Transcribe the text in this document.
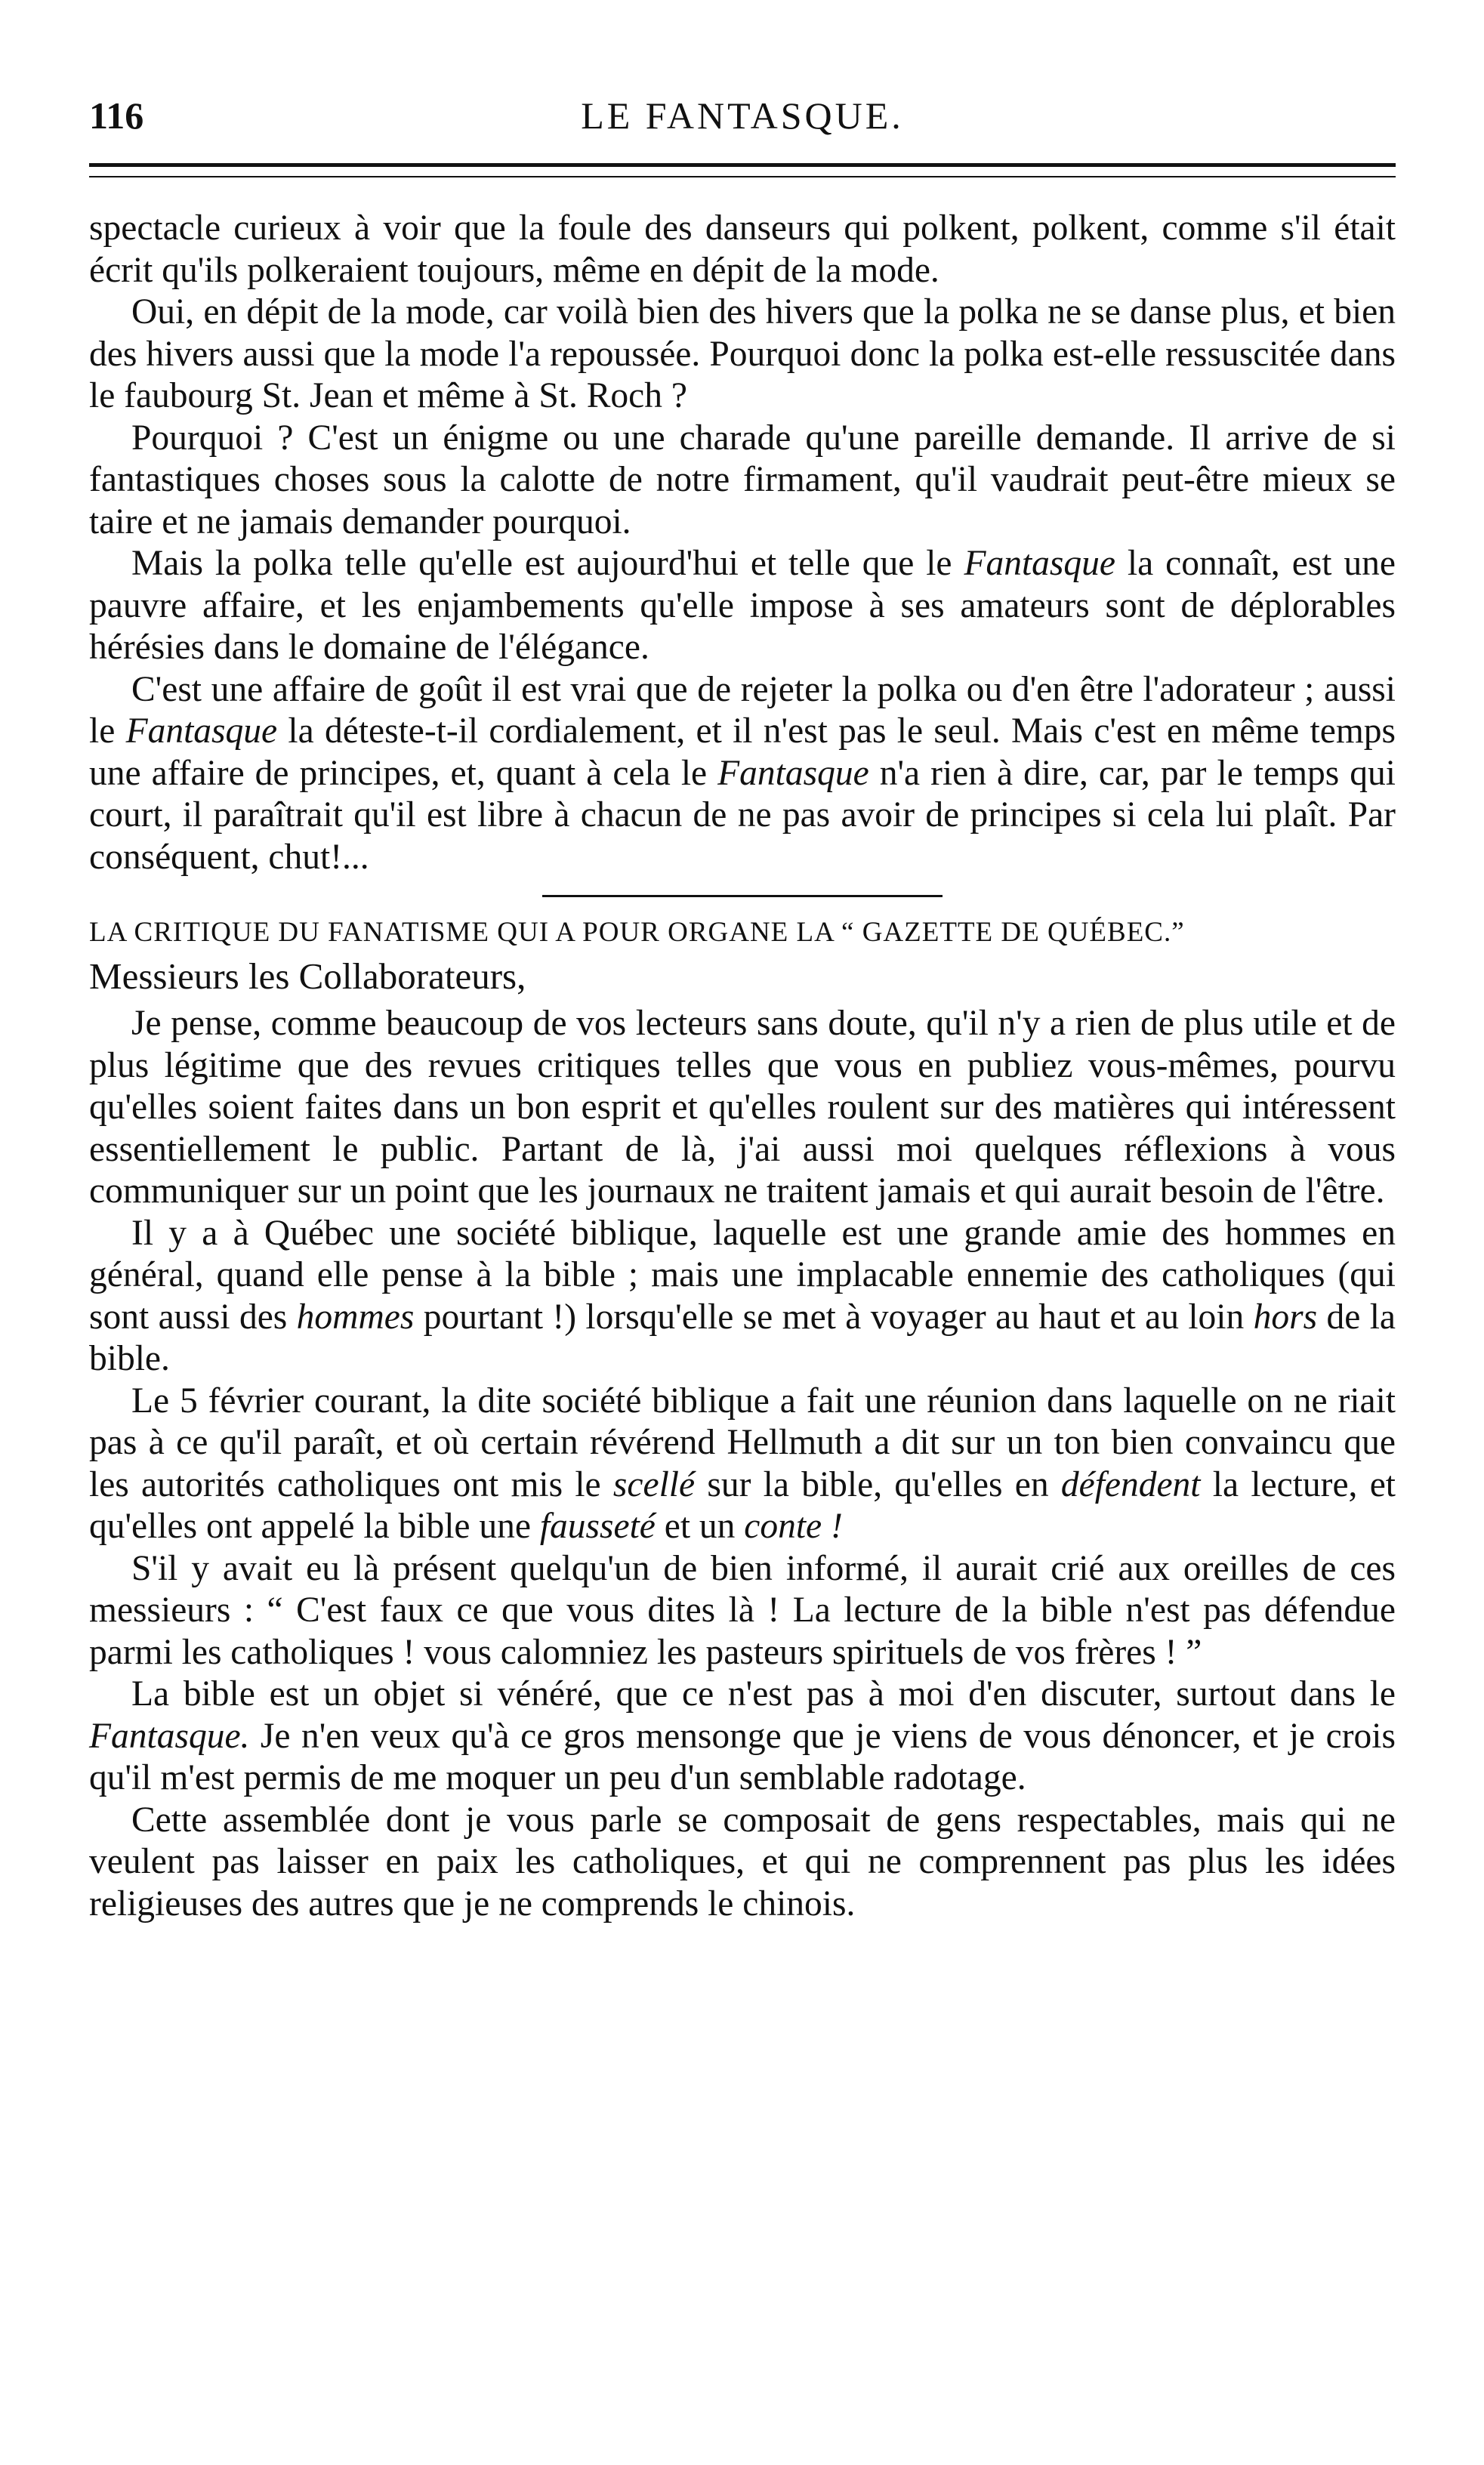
116	LE FANTASQUE.

spectacle curieux à voir que la foule des danseurs qui polkent, polkent, comme s'il était écrit qu'ils polkeraient toujours, même en dépit de la mode.

Oui, en dépit de la mode, car voilà bien des hivers que la polka ne se danse plus, et bien des hivers aussi que la mode l'a repoussée. Pourquoi donc la polka est-elle ressuscitée dans le faubourg St. Jean et même à St. Roch ?

Pourquoi ? C'est un énigme ou une charade qu'une pareille demande. Il arrive de si fantastiques choses sous la calotte de notre firmament, qu'il vaudrait peut-être mieux se taire et ne jamais demander pourquoi.

Mais la polka telle qu'elle est aujourd'hui et telle que le Fantasque la connaît, est une pauvre affaire, et les enjambements qu'elle impose à ses amateurs sont de déplorables hérésies dans le domaine de l'élégance.

C'est une affaire de goût il est vrai que de rejeter la polka ou d'en être l'adorateur ; aussi le Fantasque la déteste-t-il cordialement, et il n'est pas le seul. Mais c'est en même temps une affaire de principes, et, quant à cela le Fantasque n'a rien à dire, car, par le temps qui court, il paraîtrait qu'il est libre à chacun de ne pas avoir de principes si cela lui plaît. Par conséquent, chut!...

LA CRITIQUE DU FANATISME QUI A POUR ORGANE LA “ GAZETTE DE QUÉBEC.”
Messieurs les Collaborateurs,

Je pense, comme beaucoup de vos lecteurs sans doute, qu'il n'y a rien de plus utile et de plus légitime que des revues critiques telles que vous en publiez vous-mêmes, pourvu qu'elles soient faites dans un bon esprit et qu'elles roulent sur des matières qui intéressent essentiellement le public. Partant de là, j'ai aussi moi quelques réflexions à vous communiquer sur un point que les journaux ne traitent jamais et qui aurait besoin de l'être.

Il y a à Québec une société biblique, laquelle est une grande amie des hommes en général, quand elle pense à la bible ; mais une implacable ennemie des catholiques (qui sont aussi des hommes pourtant !) lorsqu'elle se met à voyager au haut et au loin hors de la bible.

Le 5 février courant, la dite société biblique a fait une réunion dans laquelle on ne riait pas à ce qu'il paraît, et où certain révérend Hellmuth a dit sur un ton bien convaincu que les autorités catholiques ont mis le scellé sur la bible, qu'elles en défendent la lecture, et qu'elles ont appelé la bible une fausseté et un conte !

S'il y avait eu là présent quelqu'un de bien informé, il aurait crié aux oreilles de ces messieurs : “ C'est faux ce que vous dites là ! La lecture de la bible n'est pas défendue parmi les catholiques ! vous calomniez les pasteurs spirituels de vos frères ! ”

La bible est un objet si vénéré, que ce n'est pas à moi d'en discuter, surtout dans le Fantasque. Je n'en veux qu'à ce gros mensonge que je viens de vous dénoncer, et je crois qu'il m'est permis de me moquer un peu d'un semblable radotage.

Cette assemblée dont je vous parle se composait de gens respectables, mais qui ne veulent pas laisser en paix les catholiques, et qui ne comprennent pas plus les idées religieuses des autres que je ne comprends le chinois.
